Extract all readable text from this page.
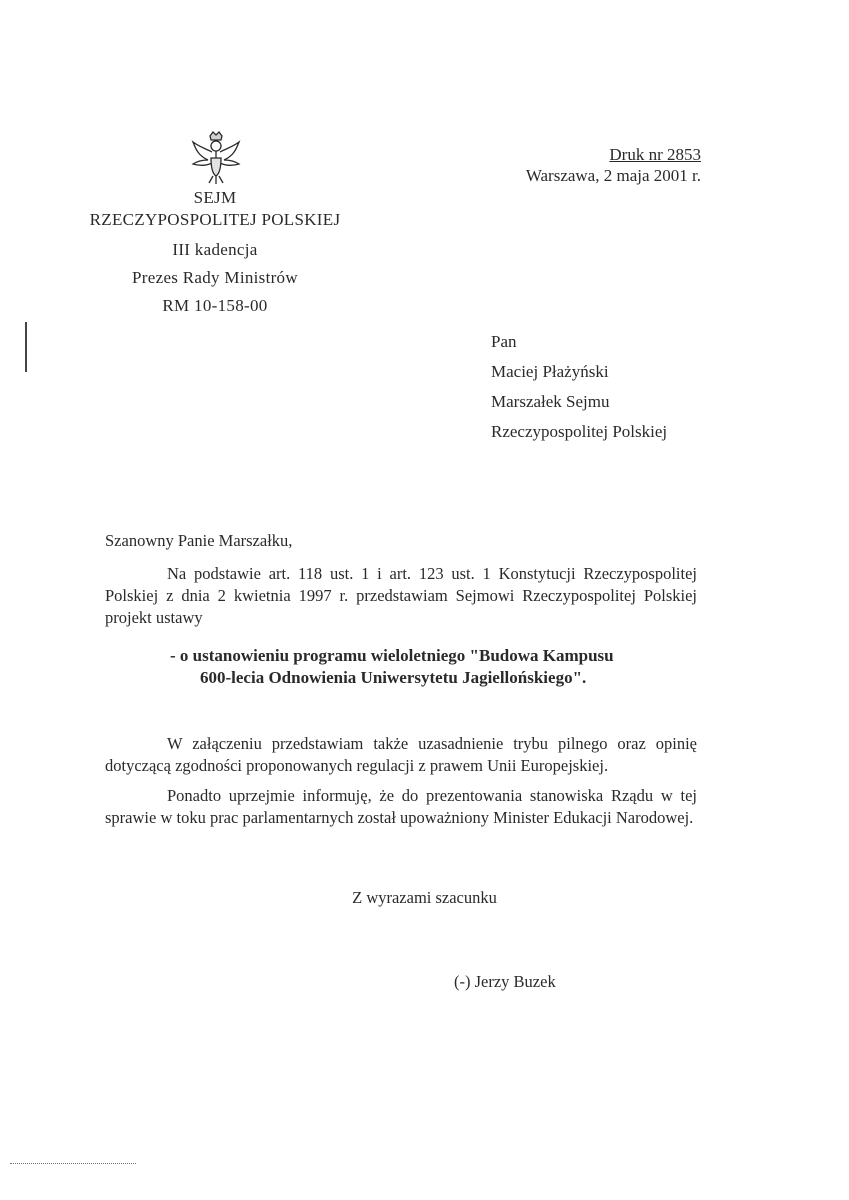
SEJM
RZECZYPOSPOLITEJ POLSKIEJ
III kadencja
Prezes Rady Ministrów
RM 10-158-00
Druk nr 2853
Warszawa, 2 maja 2001 r.
Pan
Maciej Płażyński
Marszałek Sejmu
Rzeczypospolitej Polskiej
Szanowny Panie Marszałku,
Na podstawie art. 118 ust. 1 i art. 123 ust. 1 Konstytucji Rzeczypospolitej Polskiej z dnia 2 kwietnia 1997 r. przedstawiam Sejmowi Rzeczypospolitej Polskiej projekt ustawy
- o ustanowieniu programu wieloletniego "Budowa Kampusu
600-lecia Odnowienia Uniwersytetu Jagiellońskiego".
W załączeniu przedstawiam także uzasadnienie trybu pilnego oraz opinię dotyczącą zgodności proponowanych regulacji z prawem Unii Europejskiej.
Ponadto uprzejmie informuję, że do prezentowania stanowiska Rządu w tej sprawie w toku prac parlamentarnych został upoważniony Minister Edukacji Narodowej.
Z wyrazami szacunku
(-) Jerzy Buzek
